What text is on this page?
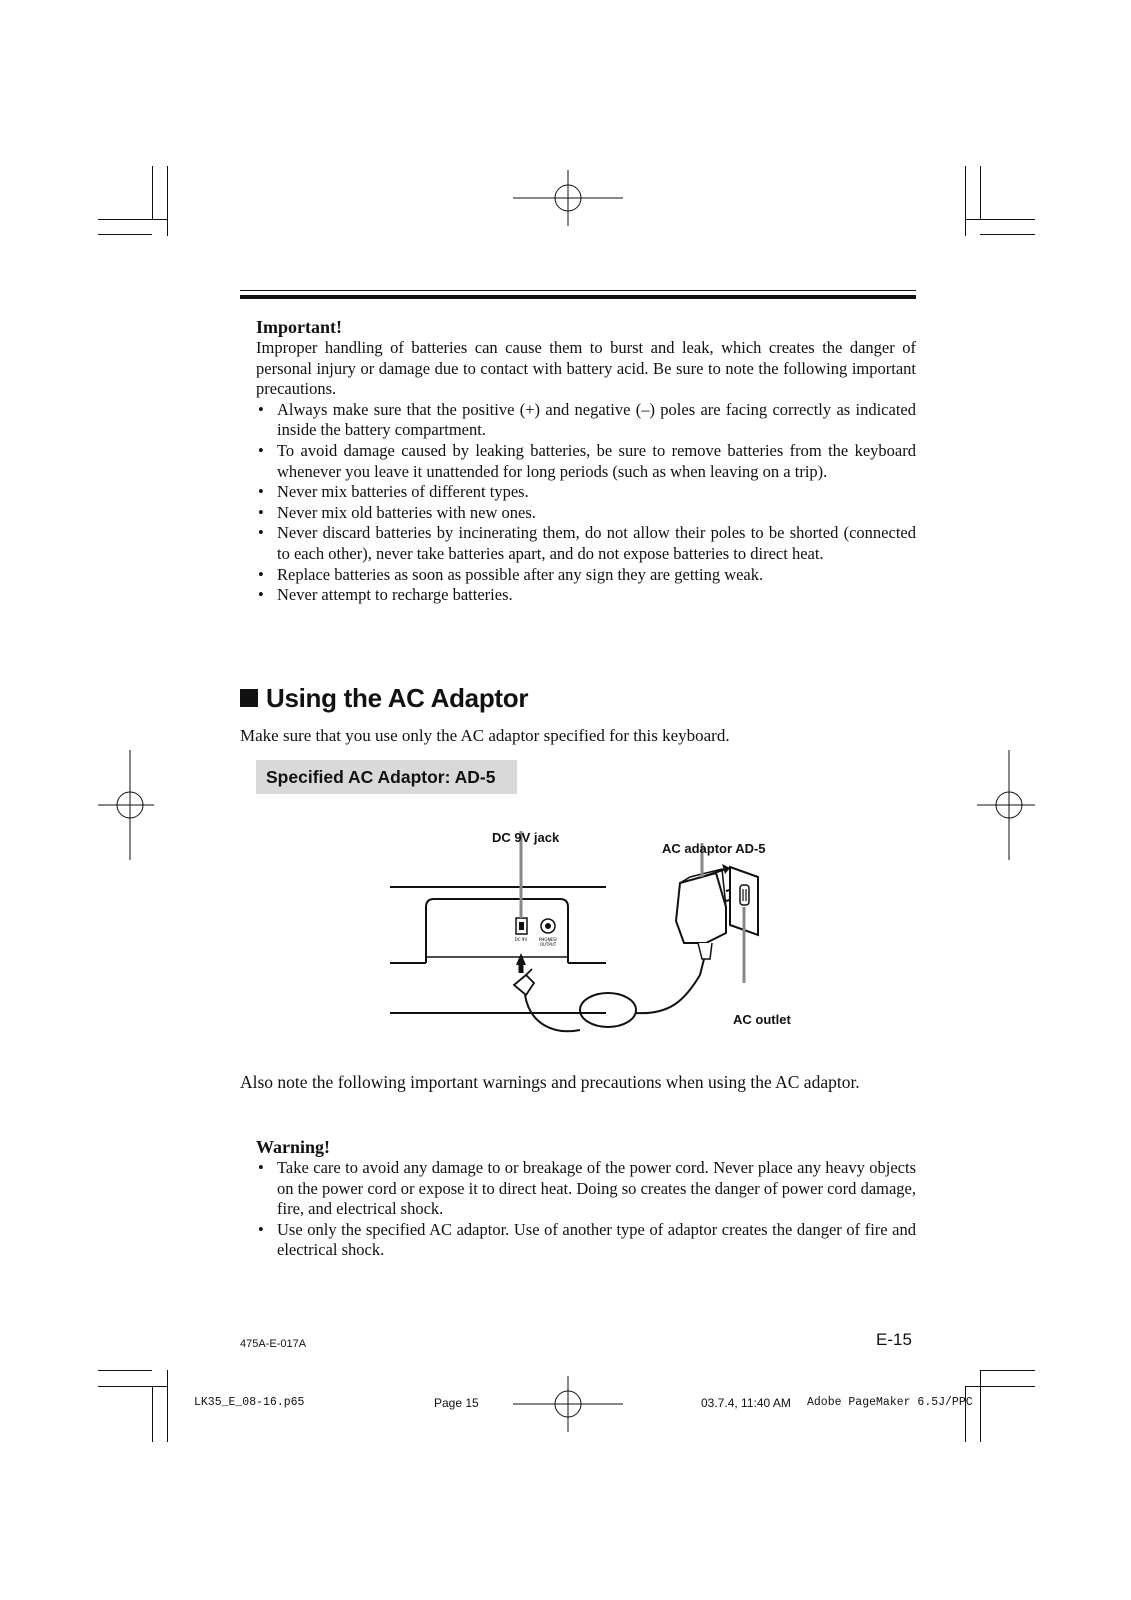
Important!
Improper handling of batteries can cause them to burst and leak, which creates the danger of personal injury or damage due to contact with battery acid. Be sure to note the following important precautions.
• Always make sure that the positive (+) and negative (–) poles are facing correctly as indicated inside the battery compartment.
• To avoid damage caused by leaking batteries, be sure to remove batteries from the keyboard whenever you leave it unattended for long periods (such as when leaving on a trip).
• Never mix batteries of different types.
• Never mix old batteries with new ones.
• Never discard batteries by incinerating them, do not allow their poles to be shorted (connected to each other), never take batteries apart, and do not expose batteries to direct heat.
• Replace batteries as soon as possible after any sign they are getting weak.
• Never attempt to recharge batteries.
Using the AC Adaptor
Make sure that you use only the AC adaptor specified for this keyboard.
Specified AC Adaptor: AD-5
DC 9V	PHONES/
OUTPUT
DC 9V jack
AC adaptor AD-5
AC outlet
Also note the following important warnings and precautions when using the AC adaptor.
Warning!
• Take care to avoid any damage to or breakage of the power cord. Never place any heavy objects on the power cord or expose it to direct heat. Doing so creates the danger of power cord damage, fire, and electrical shock.
• Use only the specified AC adaptor. Use of another type of adaptor creates the danger of fire and electrical shock.
475A-E-017A	E-15
LK35_E_08-16.p65	Page 15	03.7.4, 11:40 AM Adobe PageMaker 6.5J/PPC
